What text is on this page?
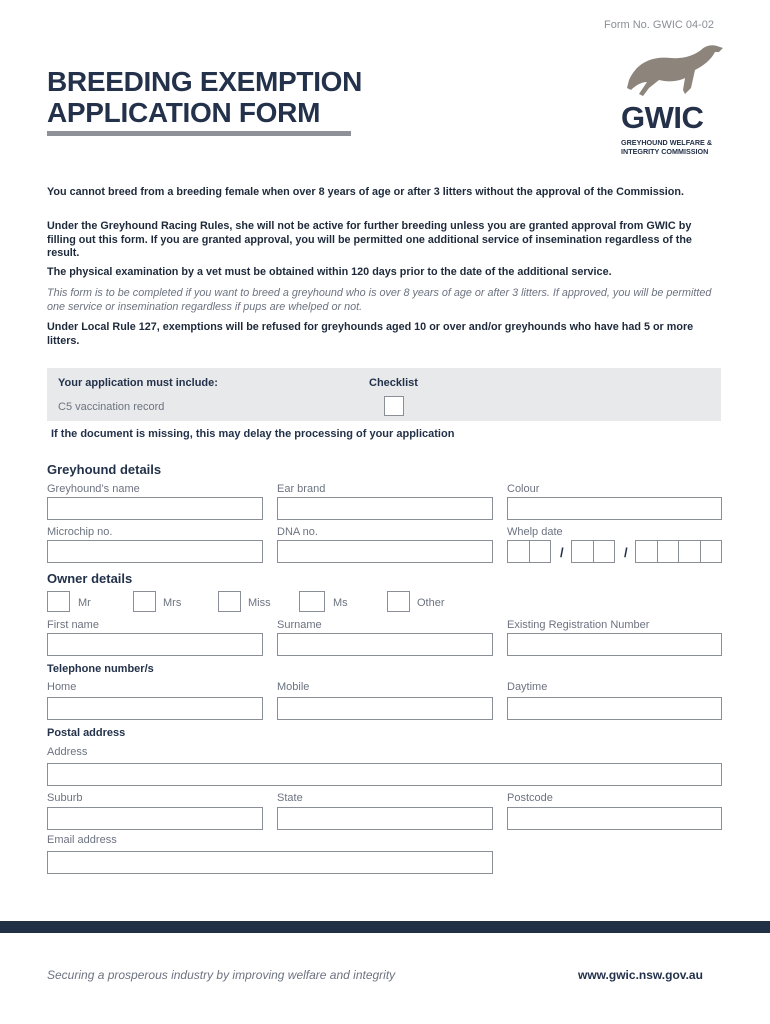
Form No. GWIC 04-02
BREEDING EXEMPTION
APPLICATION FORM	GWIC
GREYHOUND WELFARE &
INTEGRITY COMMISSION
You cannot breed from a breeding female when over 8 years of age or after 3 litters without the approval of the Commission.
Under the Greyhound Racing Rules, she will not be active for further breeding unless you are granted approval from GWIC by filling out this form. If you are granted approval, you will be permitted one additional service of insemination regardless of the result.
The physical examination by a vet must be obtained within 120 days prior to the date of the additional service.
This form is to be completed if you want to breed a greyhound who is over 8 years of age or after 3 litters. If approved, you will be permitted one service or insemination regardless if pups are whelped or not.
Under Local Rule 127, exemptions will be refused for greyhounds aged 10 or over and/or greyhounds who have had 5 or more litters.
Your application must include:	Checklist
C5 vaccination record
If the document is missing, this may delay the processing of your application
Greyhound details
Greyhound’s name	Ear brand	Colour
Microchip no.	DNA no.	Whelp date
/	/
Owner details
Mr	Mrs	Miss	Ms	Other
First name	Surname	Existing Registration Number
Telephone number/s
Home	Mobile	Daytime
Postal address
Address
Suburb	State	Postcode
Email address
Securing a prosperous industry by improving welfare and integrity	www.gwic.nsw.gov.au
